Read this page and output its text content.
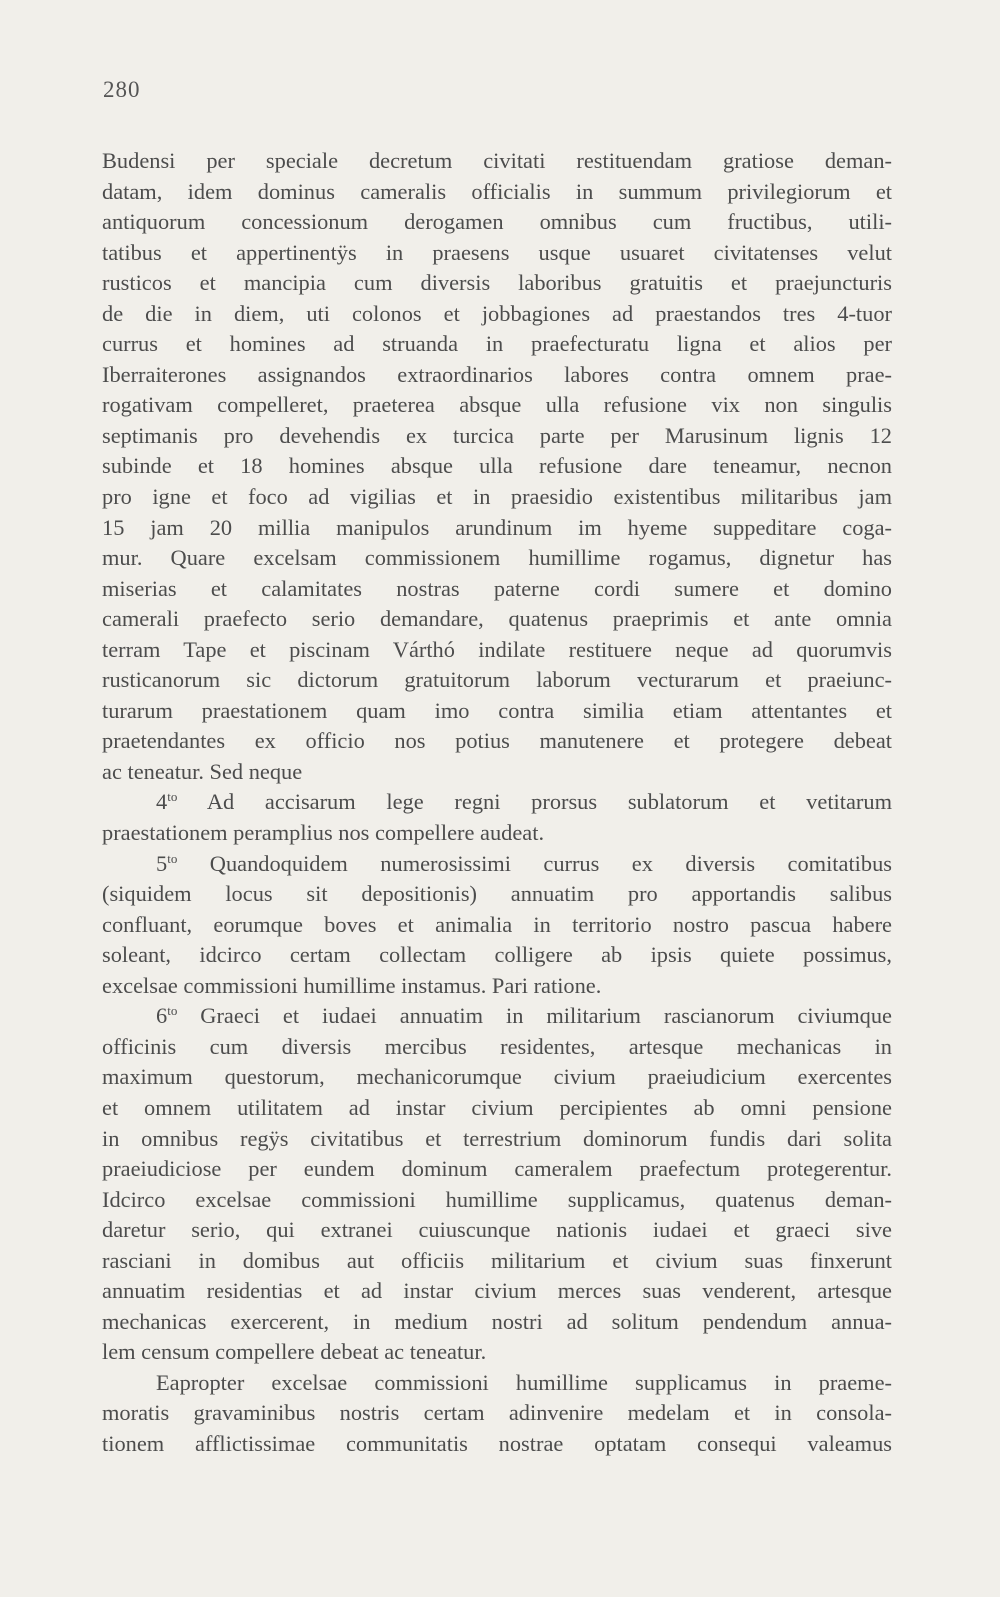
280
Budensi per speciale decretum civitati restituendam gratiose deman-
datam, idem dominus cameralis officialis in summum privilegiorum et
antiquorum concessionum derogamen omnibus cum fructibus, utili-
tatibus et appertinentÿs in praesens usque usuaret civitatenses velut
rusticos et mancipia cum diversis laboribus gratuitis et praejuncturis
de die in diem, uti colonos et jobbagiones ad praestandos tres 4-tuor
currus et homines ad struanda in praefecturatu ligna et alios per
Iberraiterones assignandos extraordinarios labores contra omnem prae-
rogativam compelleret, praeterea absque ulla refusione vix non singulis
septimanis pro devehendis ex turcica parte per Marusinum lignis 12
subinde et 18 homines absque ulla refusione dare teneamur, necnon
pro igne et foco ad vigilias et in praesidio existentibus militaribus jam
15 jam 20 millia manipulos arundinum im hyeme suppeditare coga-
mur. Quare excelsam commissionem humillime rogamus, dignetur has
miserias et calamitates nostras paterne cordi sumere et domino
camerali praefecto serio demandare, quatenus praeprimis et ante omnia
terram Tape et piscinam Várthó indilate restituere neque ad quorumvis
rusticanorum sic dictorum gratuitorum laborum vecturarum et praeiunc-
turarum praestationem quam imo contra similia etiam attentantes et
praetendantes ex officio nos potius manutenere et protegere debeat
ac teneatur. Sed neque
$4^{to}$ Ad accisarum lege regni prorsus sublatorum et vetitarum
praestationem peramplius nos compellere audeat.
$5^{to}$ Quandoquidem numerosissimi currus ex diversis comitatibus
(siquidem locus sit depositionis) annuatim pro apportandis salibus
confluant, eorumque boves et animalia in territorio nostro pascua habere
soleant, idcirco certam collectam colligere ab ipsis quiete possimus,
excelsae commissioni humillime instamus. Pari ratione.
$6^{to}$ Graeci et iudaei annuatim in militarium rascianorum civiumque
officinis cum diversis mercibus residentes, artesque mechanicas in
maximum questorum, mechanicorumque civium praeiudicium exercentes
et omnem utilitatem ad instar civium percipientes ab omni pensione
in omnibus regÿs civitatibus et terrestrium dominorum fundis dari solita
praeiudiciose per eundem dominum cameralem praefectum protegerentur.
Idcirco excelsae commissioni humillime supplicamus, quatenus deman-
daretur serio, qui extranei cuiuscunque nationis iudaei et graeci sive
rasciani in domibus aut officiis militarium et civium suas finxerunt
annuatim residentias et ad instar civium merces suas venderent, artesque
mechanicas exercerent, in medium nostri ad solitum pendendum annua-
lem censum compellere debeat ac teneatur.
Eapropter excelsae commissioni humillime supplicamus in praeme-
moratis gravaminibus nostris certam adinvenire medelam et in consola-
tionem afflictissimae communitatis nostrae optatam consequi valeamus
